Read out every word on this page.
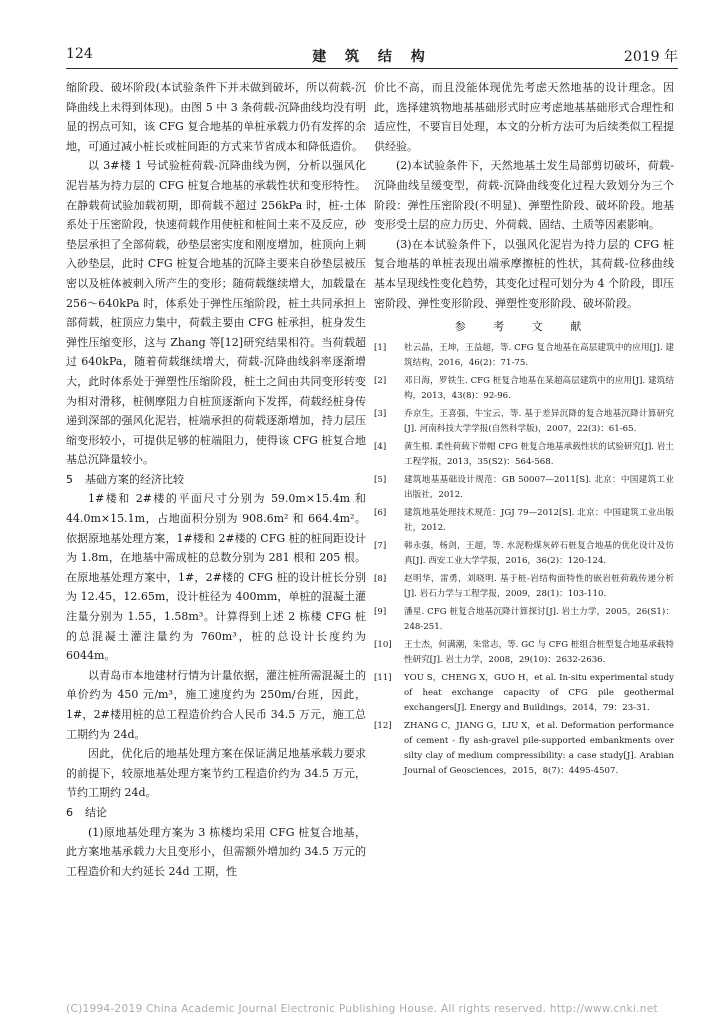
124	建 筑 结 构	2019 年

缩阶段、破坏阶段(本试验条件下并未做到破坏，所以荷载-沉降曲线上未得到体现)。由图 5 中 3 条荷载-沉降曲线均没有明显的拐点可知，该 CFG 复合地基的单桩承载力仍有发挥的余地，可通过减小桩长或桩间距的方式来节省成本和降低造价。

以 3#楼 1 号试验桩荷载-沉降曲线为例，分析以强风化泥岩基为持力层的 CFG 桩复合地基的承载性状和变形特性。在静载荷试验加载初期，即荷载不超过 256kPa 时，桩-土体系处于压密阶段，快速荷载作用使桩和桩间土来不及反应，砂垫层承担了全部荷载，砂垫层密实度和刚度增加，桩顶向上刺入砂垫层，此时 CFG 桩复合地基的沉降主要来自砂垫层被压密以及桩体被刺入所产生的变形；随荷载继续增大，加载量在 256～640kPa 时，体系处于弹性压缩阶段，桩土共同承担上部荷载，桩顶应力集中，荷载主要由 CFG 桩承担，桩身发生弹性压缩变形，这与 Zhang 等[12]研究结果相符。当荷载超过 640kPa，随着荷载继续增大，荷载-沉降曲线斜率逐渐增大，此时体系处于弹塑性压缩阶段，桩土之间由共同变形转变为相对滑移，桩侧摩阻力自桩顶逐渐向下发挥，荷载经桩身传递到深部的强风化泥岩，桩端承担的荷载逐渐增加，持力层压缩变形较小，可提供足够的桩端阻力，使得该 CFG 桩复合地基总沉降量较小。

5 基础方案的经济比较

1#楼和 2#楼的平面尺寸分别为 59.0m×15.4m 和 44.0m×15.1m，占地面积分别为 908.6m² 和 664.4m²。依据原地基处理方案，1#楼和 2#楼的 CFG 桩的桩间距设计为 1.8m，在地基中需成桩的总数分别为 281 根和 205 根。在原地基处理方案中，1#，2#楼的 CFG 桩的设计桩长分别为 12.45，12.65m，设计桩径为 400mm，单桩的混凝土灌注量分别为 1.55，1.58m³。计算得到上述 2 栋楼 CFG 桩的总混凝土灌注量约为 760m³，桩的总设计长度约为 6044m。

以青岛市本地建材行情为计量依据，灌注桩所需混凝土的单价约为 450 元/m³，施工速度约为 250m/台班，因此，1#，2#楼用桩的总工程造价约合人民币 34.5 万元，施工总工期约为 24d。

因此，优化后的地基处理方案在保证满足地基承载力要求的前提下，较原地基处理方案节约工程造价约为 34.5 万元，节约工期约 24d。

6 结论

(1)原地基处理方案为 3 栋楼均采用 CFG 桩复合地基，此方案地基承载力大且变形小，但需额外增加约 34.5 万元的工程造价和大约延长 24d 工期，性

价比不高，而且没能体现优先考虑天然地基的设计理念。因此，选择建筑物地基基础形式时应考虑地基基础形式合理性和适应性，不要盲目处理，本文的分析方法可为后续类似工程提供经验。

(2)本试验条件下，天然地基土发生局部剪切破坏，荷载-沉降曲线呈缓变型，荷载-沉降曲线变化过程大致划分为三个阶段：弹性压密阶段(不明显)、弹塑性阶段、破坏阶段。地基变形受土层的应力历史、外荷载、固结、土质等因素影响。

(3)在本试验条件下，以强风化泥岩为持力层的 CFG 桩复合地基的单桩表现出端承摩擦桩的性状，其荷载-位移曲线基本呈现线性变化趋势，其变化过程可划分为 4 个阶段，即压密阶段、弹性变形阶段、弹塑性变形阶段、破坏阶段。

参 考 文 献
[1] 杜云晶，王坤，王益超，等. CFG 复合地基在高层建筑中的应用[J]. 建筑结构，2016，46(2)：71-75.
[2] 邓日海，罗铁生. CFG 桩复合地基在某超高层建筑中的应用[J]. 建筑结构，2013，43(8)：92-96.
[3] 乔京生，王喜强，牛宝云，等. 基于差异沉降的复合地基沉降计算研究[J]. 河南科技大学学报(自然科学版)，2007，22(3)：61-65.
[4] 黄生根. 柔性荷载下带帽 CFG 桩复合地基承载性状的试验研究[J]. 岩土工程学报，2013，35(S2)：564-568.
[5] 建筑地基基础设计规范：GB 50007—2011[S]. 北京：中国建筑工业出版社，2012.
[6] 建筑地基处理技术规范：JGJ 79—2012[S]. 北京：中国建筑工业出版社，2012.
[7] 韩永强，杨剑，王超，等. 水泥粉煤灰碎石桩复合地基的优化设计及仿真[J]. 西安工业大学学报，2016，36(2)：120-124.
[8] 赵明华，雷勇，刘晓明. 基于桩-岩结构面特性的嵌岩桩荷载传递分析[J]. 岩石力学与工程学报，2009，28(1)：103-110.
[9] 潘星. CFG 桩复合地基沉降计算探讨[J]. 岩土力学，2005，26(S1)：248-251.
[10] 王士杰，何满潮，朱常志，等. GC 与 CFG 桩组合桩型复合地基承载特性研究[J]. 岩土力学，2008，29(10)：2632-2636.
[11] YOU S，CHENG X，GUO H，et al. In-situ experimental study of heat exchange capacity of CFG pile geothermal exchangers[J]. Energy and Buildings，2014，79：23-31.
[12] ZHANG C，JIANG G，LIU X，et al. Deformation performance of cement - fly ash-gravel pile-supported embankments over silty clay of medium compressibility: a case study[J]. Arabian Journal of Geosciences，2015，8(7)：4495-4507.
(C)1994-2019 China Academic Journal Electronic Publishing House. All rights reserved. http://www.cnki.net
